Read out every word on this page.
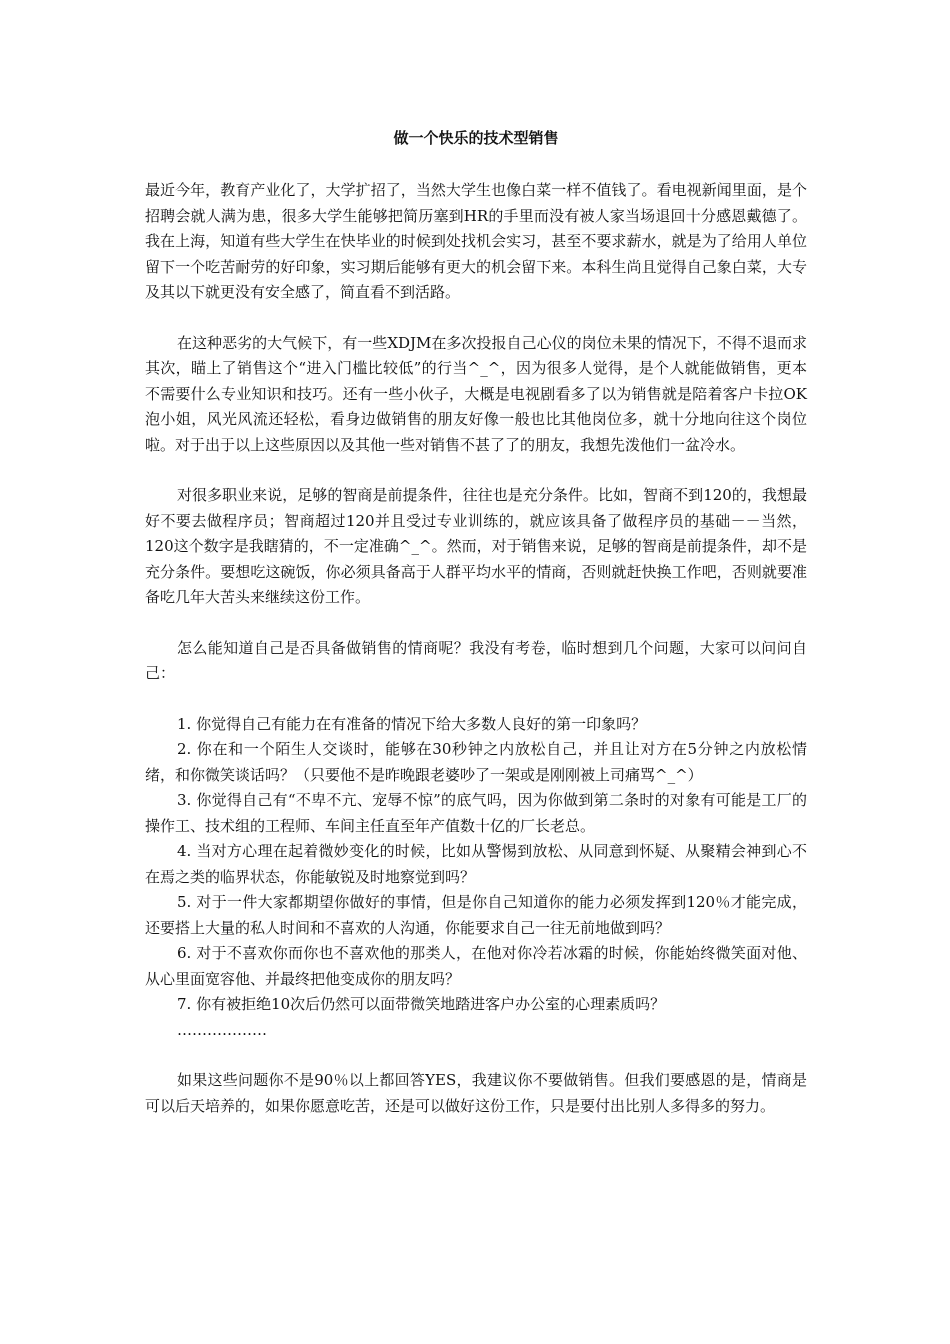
做一个快乐的技术型销售

最近今年，教育产业化了，大学扩招了，当然大学生也像白菜一样不值钱了。看电视新闻里面，是个招聘会就人满为患，很多大学生能够把简历塞到HR的手里而没有被人家当场退回十分感恩戴德了。我在上海，知道有些大学生在快毕业的时候到处找机会实习，甚至不要求薪水，就是为了给用人单位留下一个吃苦耐劳的好印象，实习期后能够有更大的机会留下来。本科生尚且觉得自己象白菜，大专及其以下就更没有安全感了，简直看不到活路。

在这种恶劣的大气候下，有一些XDJM在多次投报自己心仪的岗位未果的情况下，不得不退而求其次，瞄上了销售这个“进入门槛比较低”的行当^_^，因为很多人觉得，是个人就能做销售，更本不需要什么专业知识和技巧。还有一些小伙子，大概是电视剧看多了以为销售就是陪着客户卡拉OK泡小姐，风光风流还轻松，看身边做销售的朋友好像一般也比其他岗位多，就十分地向往这个岗位啦。对于出于以上这些原因以及其他一些对销售不甚了了的朋友，我想先泼他们一盆冷水。

对很多职业来说，足够的智商是前提条件，往往也是充分条件。比如，智商不到120的，我想最好不要去做程序员；智商超过120并且受过专业训练的，就应该具备了做程序员的基础－－当然，120这个数字是我瞎猜的，不一定准确^_^。然而，对于销售来说，足够的智商是前提条件，却不是充分条件。要想吃这碗饭，你必须具备高于人群平均水平的情商，否则就赶快换工作吧，否则就要准备吃几年大苦头来继续这份工作。

怎么能知道自己是否具备做销售的情商呢？我没有考卷，临时想到几个问题，大家可以问问自己：

1. 你觉得自己有能力在有准备的情况下给大多数人良好的第一印象吗？

2. 你在和一个陌生人交谈时，能够在30秒钟之内放松自己，并且让对方在5分钟之内放松情绪，和你微笑谈话吗？（只要他不是昨晚跟老婆吵了一架或是刚刚被上司痛骂^_^）

3. 你觉得自己有“不卑不亢、宠辱不惊”的底气吗，因为你做到第二条时的对象有可能是工厂的操作工、技术组的工程师、车间主任直至年产值数十亿的厂长老总。

4. 当对方心理在起着微妙变化的时候，比如从警惕到放松、从同意到怀疑、从聚精会神到心不在焉之类的临界状态，你能敏锐及时地察觉到吗？

5. 对于一件大家都期望你做好的事情，但是你自己知道你的能力必须发挥到120％才能完成，还要搭上大量的私人时间和不喜欢的人沟通，你能要求自己一往无前地做到吗？

6. 对于不喜欢你而你也不喜欢他的那类人，在他对你冷若冰霜的时候，你能始终微笑面对他、从心里面宽容他、并最终把他变成你的朋友吗？

7. 你有被拒绝10次后仍然可以面带微笑地踏进客户办公室的心理素质吗？

………………

如果这些问题你不是90％以上都回答YES，我建议你不要做销售。但我们要感恩的是，情商是可以后天培养的，如果你愿意吃苦，还是可以做好这份工作，只是要付出比别人多得多的努力。
